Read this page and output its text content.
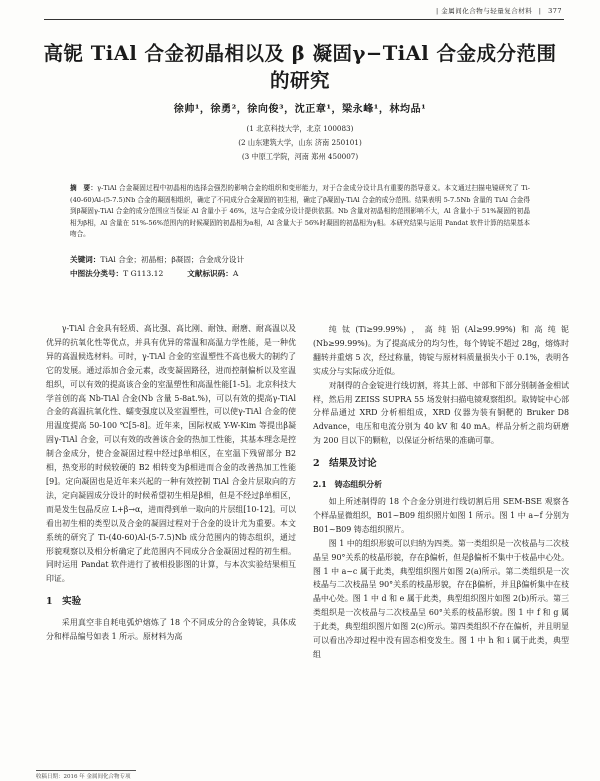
| 金属间化合物与轻量复合材料 | 377
高铌 TiAl 合金初晶相以及 β 凝固γ−TiAl 合金成分范围的研究
徐帅¹，徐勇²，徐向俊³，沈正章¹，梁永峰¹，林均品¹
(1 北京科技大学，北京 100083)
(2 山东建筑大学，山东 济南 250101)
(3 中原工学院，河南 郑州 450007)
摘　要：γ-TiAl 合金凝固过程中初晶相的选择会强烈的影响合金的组织和变形能力，对于合金成分设计具有重要的指导意义。本文通过扫描电镜研究了 Ti-(40-60)Al-(5-7.5)Nb 合金的凝固相组织，确定了不同成分合金凝固的初生相，确定了β凝固γ-TiAl 合金的成分范围。结果表明 5-7.5Nb 含量的 TiAl 合金得到β凝固γ-TiAl 合金的成分范围应当保证 Al 含量小于 46%，这与合金成分设计提供依据。Nb 含量对初晶相的范围影响不大，Al 含量小于 51%凝固的初晶相为β相，Al 含量在 51%-56%范围内的时候凝固的初晶相为α相，Al 含量大于 56%时凝固的初晶相为γ相。本研究结果与运用 Pandat 软件计算的结果基本吻合。
关键词：TiAl 合金；初晶相；β凝固；合金成分设计
中图法分类号：T G113.12	文献标识码：A

γ-TiAl 合金具有轻质、高比强、高比刚、耐蚀、耐磨、耐高温以及优异的抗氧化性等优点，并具有优异的常温和高温力学性能，是一种优异的高温候选材料。可时，γ-TiAl 合金的室温塑性不高也极大的制约了它的发展。通过添加合金元素，改变凝固路径，进而控制偏析以及室温组织，可以有效的提高该合金的室温塑性和高温性能[1-5]。北京科技大学首创的高 Nb-TiAl 合金(Nb 含量 5-8at.%)，可以有效的提高γ-TiAl 合金的高温抗氧化性、蠕变强度以及室温塑性，可以使γ-TiAl 合金的使用温度提高 50-100 ℃[5-8]。近年来，国际权威 Y-W-Kim 等提出β凝固γ-TiAl 合金，可以有效的改善该合金的热加工性能，其基本理念是控制合金成分，使合金凝固过程中经过β单相区，在室温下残留部分 B2 相，热变形的时候较硬的 B2 相转变为β相进而合金的改善热加工性能[9]。定向凝固也是近年来兴起的一种有效控制 TiAl 合金片层取向的方法，定向凝固成分设计的时候希望初生相是β相，但是不经过β单相区，而是发生包晶反应 L+β→α，进而得到单一取向的片层组[10-12]。可以看出初生相的类型以及合金的凝固过程对于合金的设计尤为重要。本文系统的研究了 Ti-(40-60)Al-(5-7.5)Nb 成分范围内的铸态组织，通过形貌观察以及相分析确定了此范围内不同成分合金凝固过程的初生相。同时运用 Pandat 软件进行了被相投影图的计算，与本次实验结果相互印证。

1　实验

采用真空非自耗电弧炉熔炼了 18 个不同成分的合金铸锭，具体成分和样品编号如表 1 所示。原材料为高

纯钛(Ti≥99.99%)，高纯铝(Al≥99.99%)和高纯铌(Nb≥99.99%)。为了提高成分的均匀性，每个铸锭不超过 28g，熔炼时翻转并重熔 5 次，经过称量，铸锭与原材料质量损失小于 0.1%，表明各实成分与实际成分近似。

对制得的合金锭进行线切割，将其上部、中部和下部分别制备金相试样，然后用 ZEISS SUPRA 55 场发射扫描电镜观察组织。取铸锭中心部分样品通过 XRD 分析相组成，XRD 仪器为装有铜靶的 Bruker D8 Advance，电压和电流分别为 40 kV 和 40 mA。样品分析之前均研磨为 200 目以下的颗粒，以保证分析结果的准确可靠。

2　结果及讨论
2.1　铸态组织分析

如上所述制得的 18 个合金分别进行线切割后用 SEM-BSE 观察各个样品显微组织，B01~B09 组织照片如图 1 所示。图 1 中 a~f 分别为 B01~B09 铸态组织照片。

图 1 中的组织形貌可以归纳为四类。第一类组织是一次枝晶与二次枝晶呈 90°关系的枝晶形貌，存在β偏析，但是β偏析不集中于枝晶中心处。图 1 中 a~c 属于此类，典型组织图片如图 2(a)所示。第二类组织是一次枝晶与二次枝晶呈 90°关系的枝晶形貌，存在β偏析，并且β偏析集中在枝晶中心处。图 1 中 d 和 e 属于此类，典型组织图片如图 2(b)所示。第三类组织是一次枝晶与二次枝晶呈 60°关系的枝晶形貌。图 1 中 f 和 g 属于此类，典型组织图片如图 2(c)所示。第四类组织不存在偏析，并且明显可以看出冷却过程中没有固态相变发生。图 1 中 h 和 i 属于此类，典型组

收稿日期：2016 年 金属间化合物专项
